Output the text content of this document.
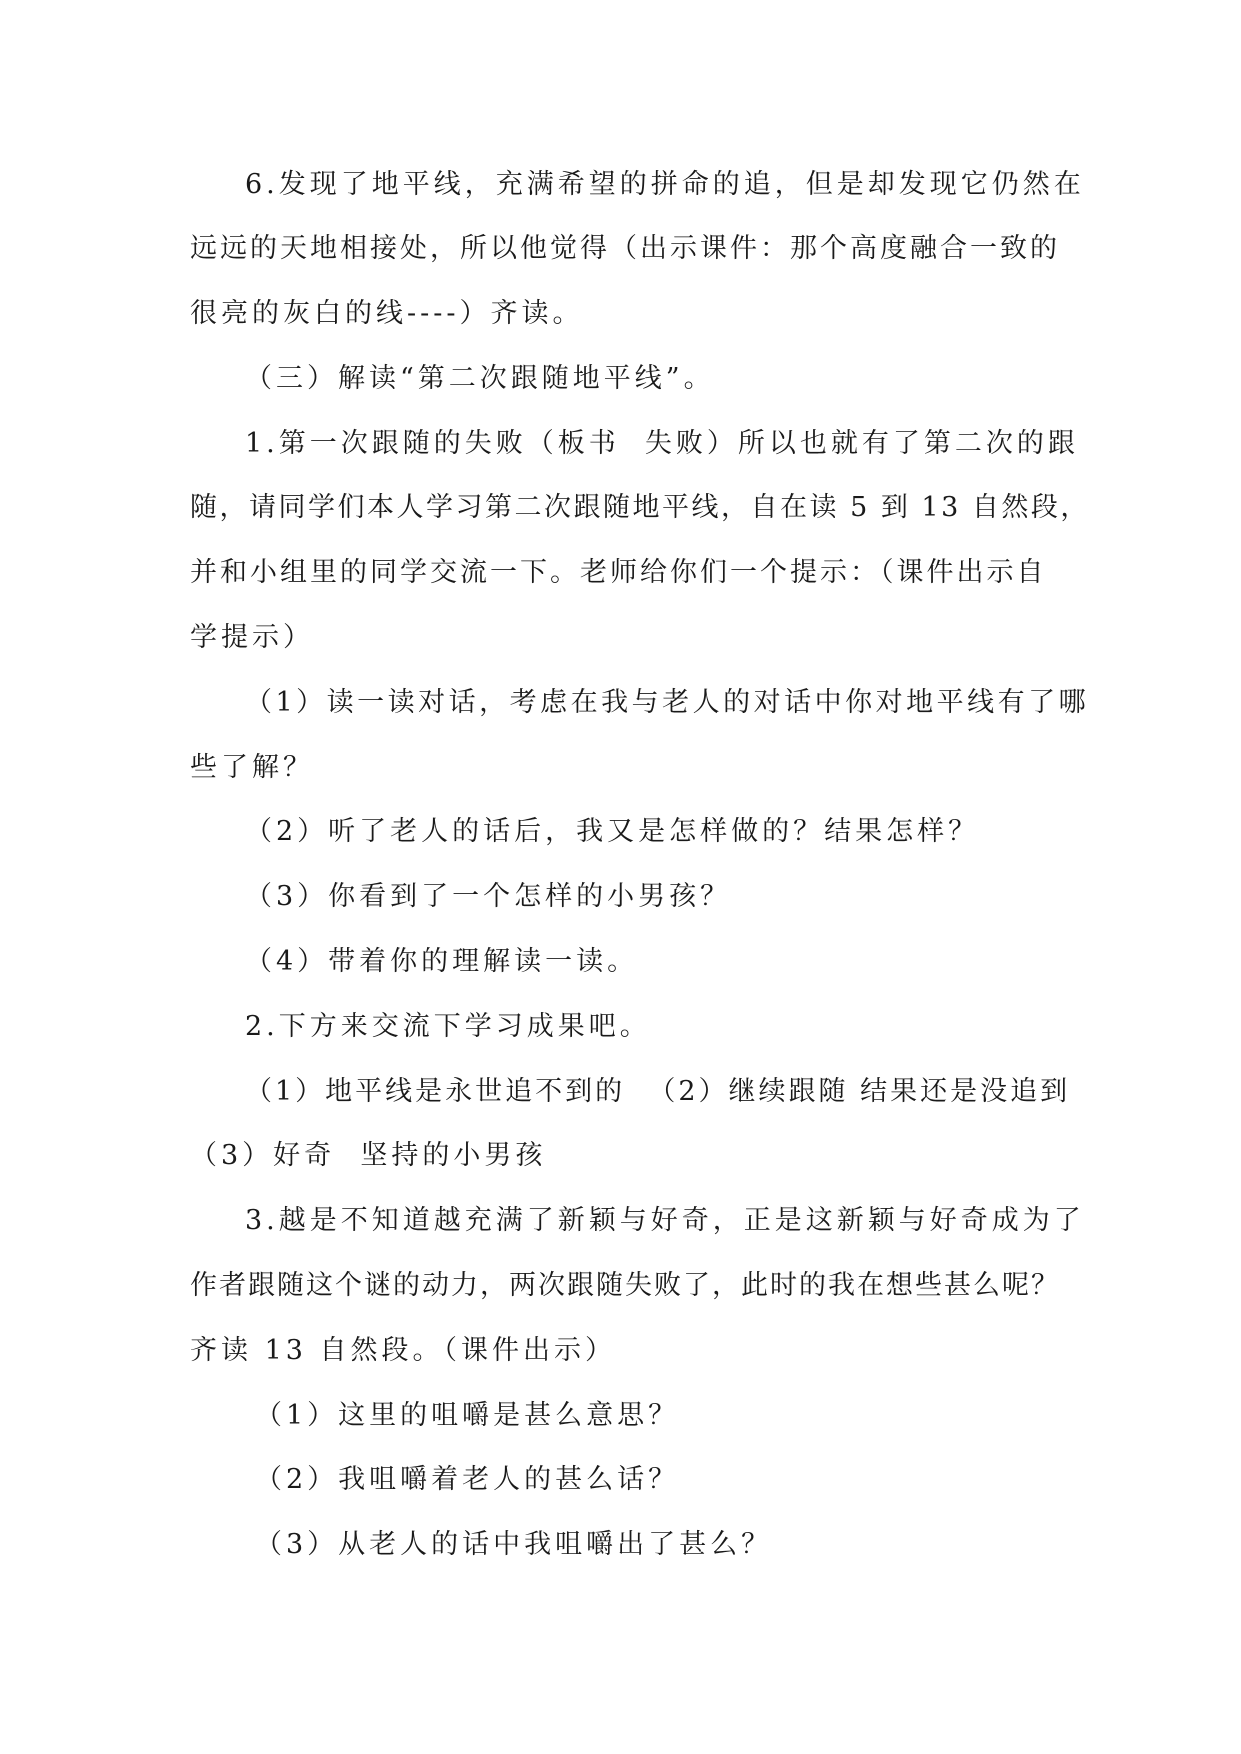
6.发现了地平线，充满希望的拼命的追，但是却发现它仍然在

远远的天地相接处，所以他觉得（出示课件：那个高度融合一致的

很亮的灰白的线----）齐读。

（三）解读“第二次跟随地平线”。

1.第一次跟随的失败（板书  失败）所以也就有了第二次的跟

随，请同学们本人学习第二次跟随地平线，自在读 5 到 13 自然段，

并和小组里的同学交流一下。老师给你们一个提示：（课件出示自

学提示）

（1）读一读对话，考虑在我与老人的对话中你对地平线有了哪

些了解？

（2）听了老人的话后，我又是怎样做的？结果怎样？

（3）你看到了一个怎样的小男孩？

（4）带着你的理解读一读。

2.下方来交流下学习成果吧。

（1）地平线是永世追不到的  （2）继续跟随 结果还是没追到

（3）好奇  坚持的小男孩

3.越是不知道越充满了新颖与好奇，正是这新颖与好奇成为了

作者跟随这个谜的动力，两次跟随失败了，此时的我在想些甚么呢？

齐读 13 自然段。（课件出示）

（1）这里的咀嚼是甚么意思？

（2）我咀嚼着老人的甚么话？

（3）从老人的话中我咀嚼出了甚么？
